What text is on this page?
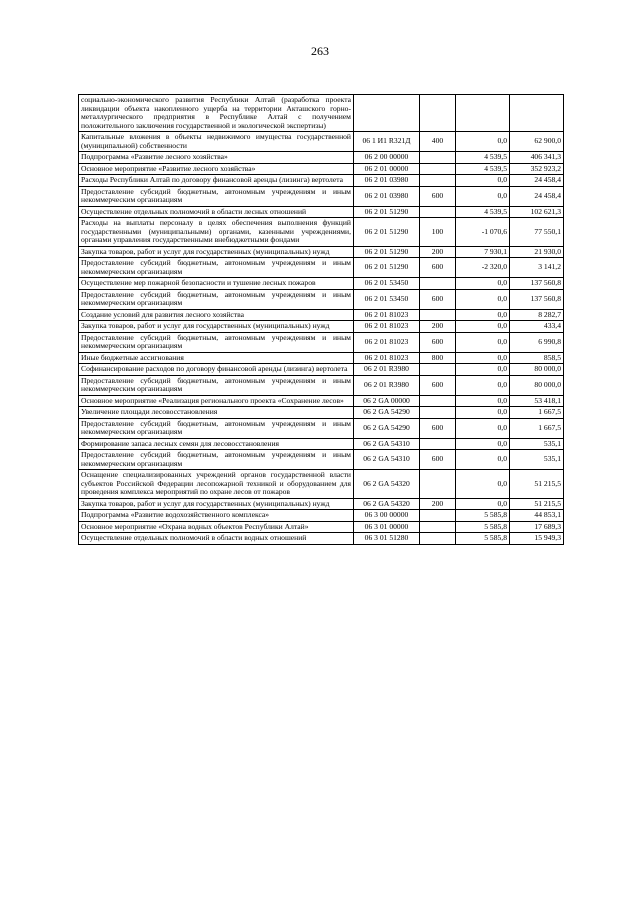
263
социально-экономического развития Республики Алтай (разработка проекта ликвидации объекта накопленного ущерба на территории Акташского горно-металлургического предприятия в Республике Алтай с получением положительного заключения государственной и экологической экспертизы)				
Капитальные вложения в объекты недвижимого имущества государственной (муниципальной) собственности	06 1 И1 R321Д	400	0,0	62 900,0
Подпрограмма «Развитие лесного хозяйства»	06 2 00 00000		4 539,5	406 341,3
Основное мероприятие «Развитие лесного хозяйства»	06 2 01 00000		4 539,5	352 923,2
Расходы Республики Алтай по договору финансовой аренды (лизинга) вертолета	06 2 01 03980		0,0	24 458,4
Предоставление субсидий бюджетным, автономным учреждениям и иным некоммерческим организациям	06 2 01 03980	600	0,0	24 458,4
Осуществление отдельных полномочий в области лесных отношений	06 2 01 51290		4 539,5	102 621,3
Расходы на выплаты персоналу в целях обеспечения выполнения функций государственными (муниципальными) органами, казенными учреждениями, органами управления государственными внебюджетными фондами	06 2 01 51290	100	-1 070,6	77 550,1
Закупка товаров, работ и услуг для государственных (муниципальных) нужд	06 2 01 51290	200	7 930,1	21 930,0
Предоставление субсидий бюджетным, автономным учреждениям и иным некоммерческим организациям	06 2 01 51290	600	-2 320,0	3 141,2
Осуществление мер пожарной безопасности и тушение лесных пожаров	06 2 01 53450		0,0	137 560,8
Предоставление субсидий бюджетным, автономным учреждениям и иным некоммерческим организациям	06 2 01 53450	600	0,0	137 560,8
Создание условий для развития лесного хозяйства	06 2 01 81023		0,0	8 282,7
Закупка товаров, работ и услуг для государственных (муниципальных) нужд	06 2 01 81023	200	0,0	433,4
Предоставление субсидий бюджетным, автономным учреждениям и иным некоммерческим организациям	06 2 01 81023	600	0,0	6 990,8
Иные бюджетные ассигнования	06 2 01 81023	800	0,0	858,5
Софинансирование расходов по договору финансовой аренды (лизинга) вертолета	06 2 01 R3980		0,0	80 000,0
Предоставление субсидий бюджетным, автономным учреждениям и иным некоммерческим организациям	06 2 01 R3980	600	0,0	80 000,0
Основное мероприятие «Реализация регионального проекта «Сохранение лесов»	06 2 GA 00000		0,0	53 418,1
Увеличение площади лесовосстановления	06 2 GA 54290		0,0	1 667,5
Предоставление субсидий бюджетным, автономным учреждениям и иным некоммерческим организациям	06 2 GA 54290	600	0,0	1 667,5
Формирование запаса лесных семян для лесовосстановления	06 2 GA 54310		0,0	535,1
Предоставление субсидий бюджетным, автономным учреждениям и иным некоммерческим организациям	06 2 GA 54310	600	0,0	535,1
Оснащение специализированных учреждений органов государственной власти субъектов Российской Федерации лесопожарной техникой и оборудованием для проведения комплекса мероприятий по охране лесов от пожаров	06 2 GA 54320		0,0	51 215,5
Закупка товаров, работ и услуг для государственных (муниципальных) нужд	06 2 GA 54320	200	0,0	51 215,5
Подпрограмма «Развитие водохозяйственного комплекса»	06 3 00 00000		5 585,8	44 853,1
Основное мероприятие «Охрана водных объектов Республики Алтай»	06 3 01 00000		5 585,8	17 689,3
Осуществление отдельных полномочий в области водных отношений	06 3 01 51280		5 585,8	15 949,3
